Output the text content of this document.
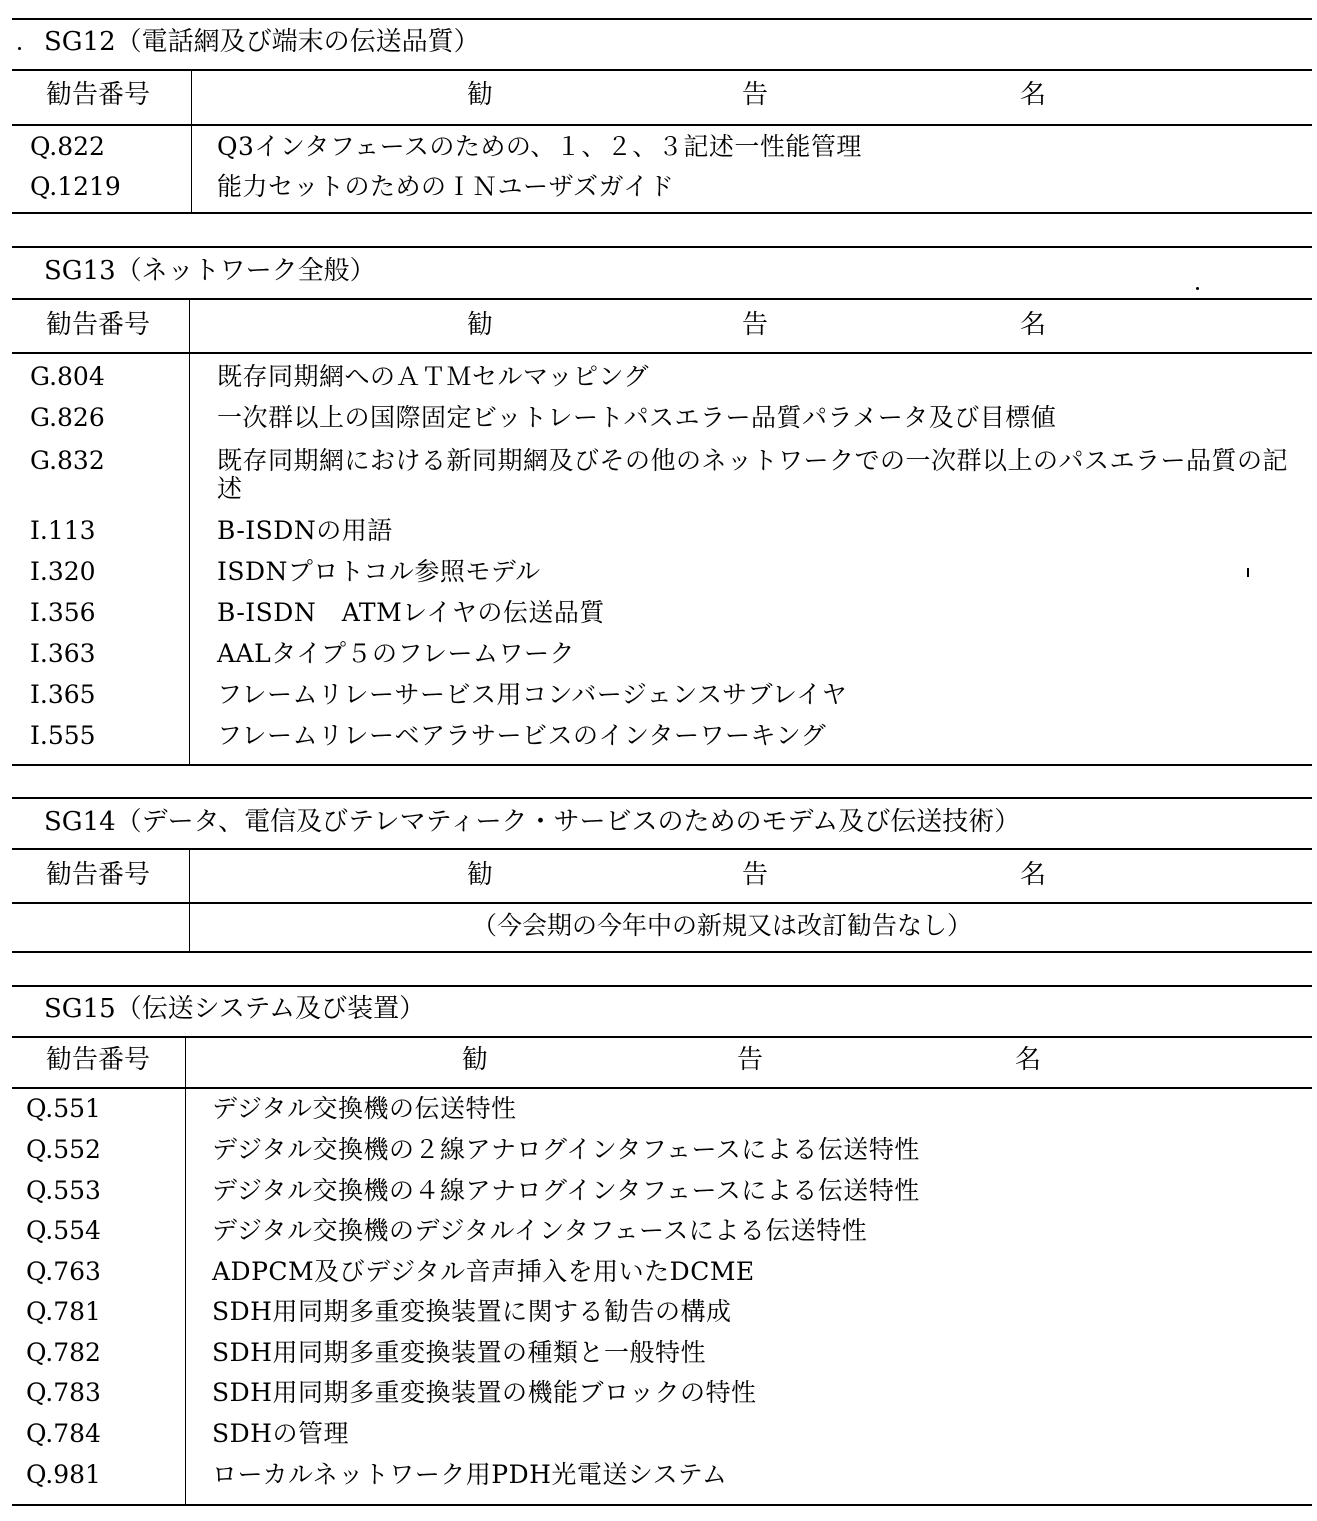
SG12（電話網及び端末の伝送品質）
勧告番号	勧	告	名
Q.822	Q3インタフェースのための、１、２、３記述一性能管理
Q.1219	能力セットのためのＩＮユーザズガイド
SG13（ネットワーク全般）
勧告番号	勧	告	名
G.804	既存同期網へのＡＴＭセルマッピング
G.826	一次群以上の国際固定ビットレートパスエラー品質パラメータ及び目標値
G.832	既存同期網における新同期網及びその他のネットワークでの一次群以上のパスエラー品質の記述
I.113	B-ISDNの用語
I.320	ISDNプロトコル参照モデル
I.356	B-ISDN　ATMレイヤの伝送品質
I.363	AALタイプ５のフレームワーク
I.365	フレームリレーサービス用コンバージェンスサブレイヤ
I.555	フレームリレーベアラサービスのインターワーキング
SG14（データ、電信及びテレマティーク・サービスのためのモデム及び伝送技術）
勧告番号	勧	告	名
（今会期の今年中の新規又は改訂勧告なし）
SG15（伝送システム及び装置）
勧告番号	勧	告	名
Q.551	デジタル交換機の伝送特性
Q.552	デジタル交換機の２線アナログインタフェースによる伝送特性
Q.553	デジタル交換機の４線アナログインタフェースによる伝送特性
Q.554	デジタル交換機のデジタルインタフェースによる伝送特性
Q.763	ADPCM及びデジタル音声挿入を用いたDCME
Q.781	SDH用同期多重変換装置に関する勧告の構成
Q.782	SDH用同期多重変換装置の種類と一般特性
Q.783	SDH用同期多重変換装置の機能ブロックの特性
Q.784	SDHの管理
Q.981	ローカルネットワーク用PDH光電送システム
